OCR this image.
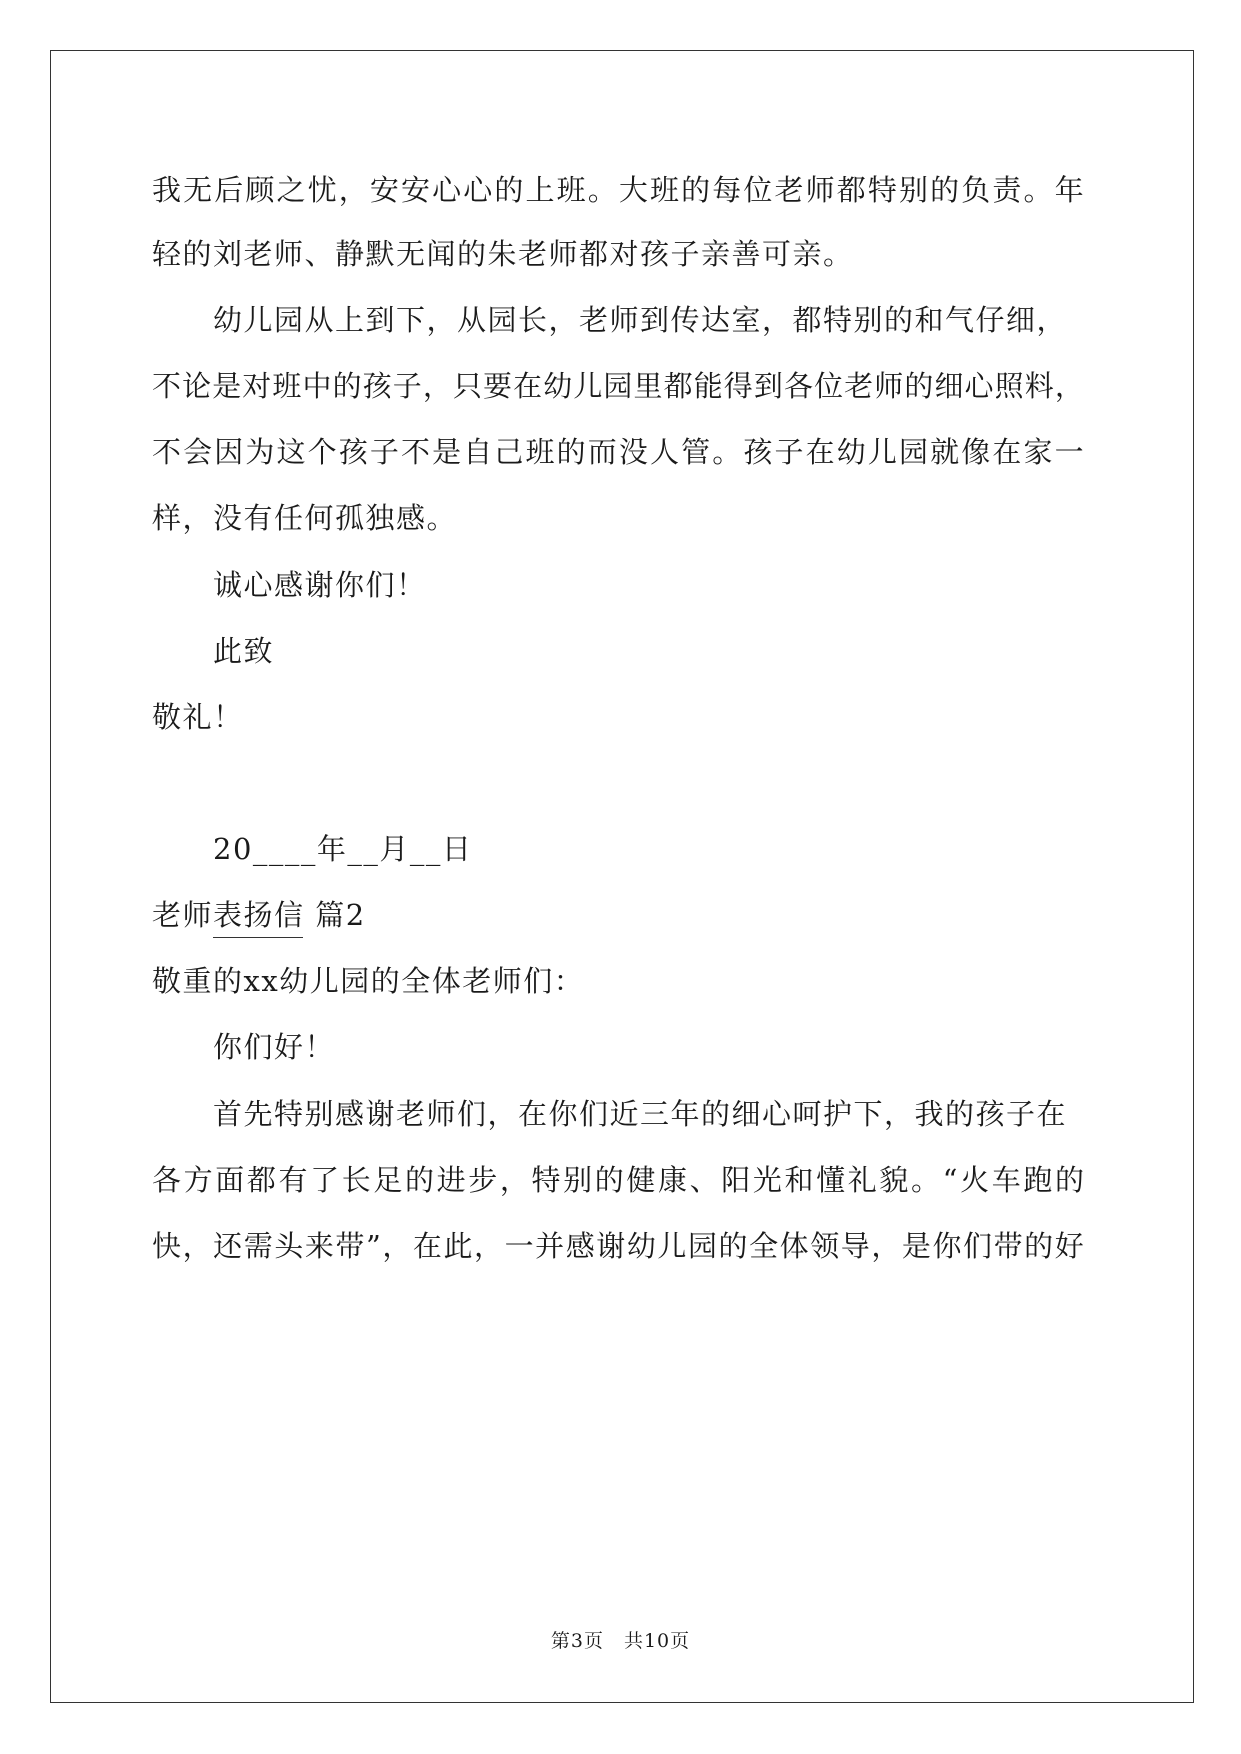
我 无 后 顾 之 忧 ， 安 安 心 心 的 上 班 。 大 班 的 每 位 老 师 都 特 别 的 负 责 。 年
轻的刘老师、静默无闻的朱老师都对孩子亲善可亲。
幼儿园从上到下，从园长，老师到传达室，都特别的和气仔细，
不 论 是 对 班 中 的 孩 子 ， 只 要 在 幼 儿 园 里 都 能 得 到 各 位 老 师 的 细 心 照 料 ，
不 会 因 为 这 个 孩 子 不 是 自 己 班 的 而 没 人 管 。 孩 子 在 幼 儿 园 就 像 在 家 一
样，没有任何孤独感。
诚心感谢你们！
此致
敬礼！
20____年__月__日
老师表扬信 篇2
敬重的xx幼儿园的全体老师们：
你们好！
首先特别感谢老师们，在你们近三年的细心呵护下，我的孩子在
各 方 面 都 有 了 长 足 的 进 步 ， 特 别 的 健 康 、 阳 光 和 懂 礼 貌 。 “ 火 车 跑 的
快 ， 还 需 头 来 带 ” ， 在 此 ， 一 并 感 谢 幼 儿 园 的 全 体 领 导 ， 是 你 们 带 的 好
第3页　共10页
